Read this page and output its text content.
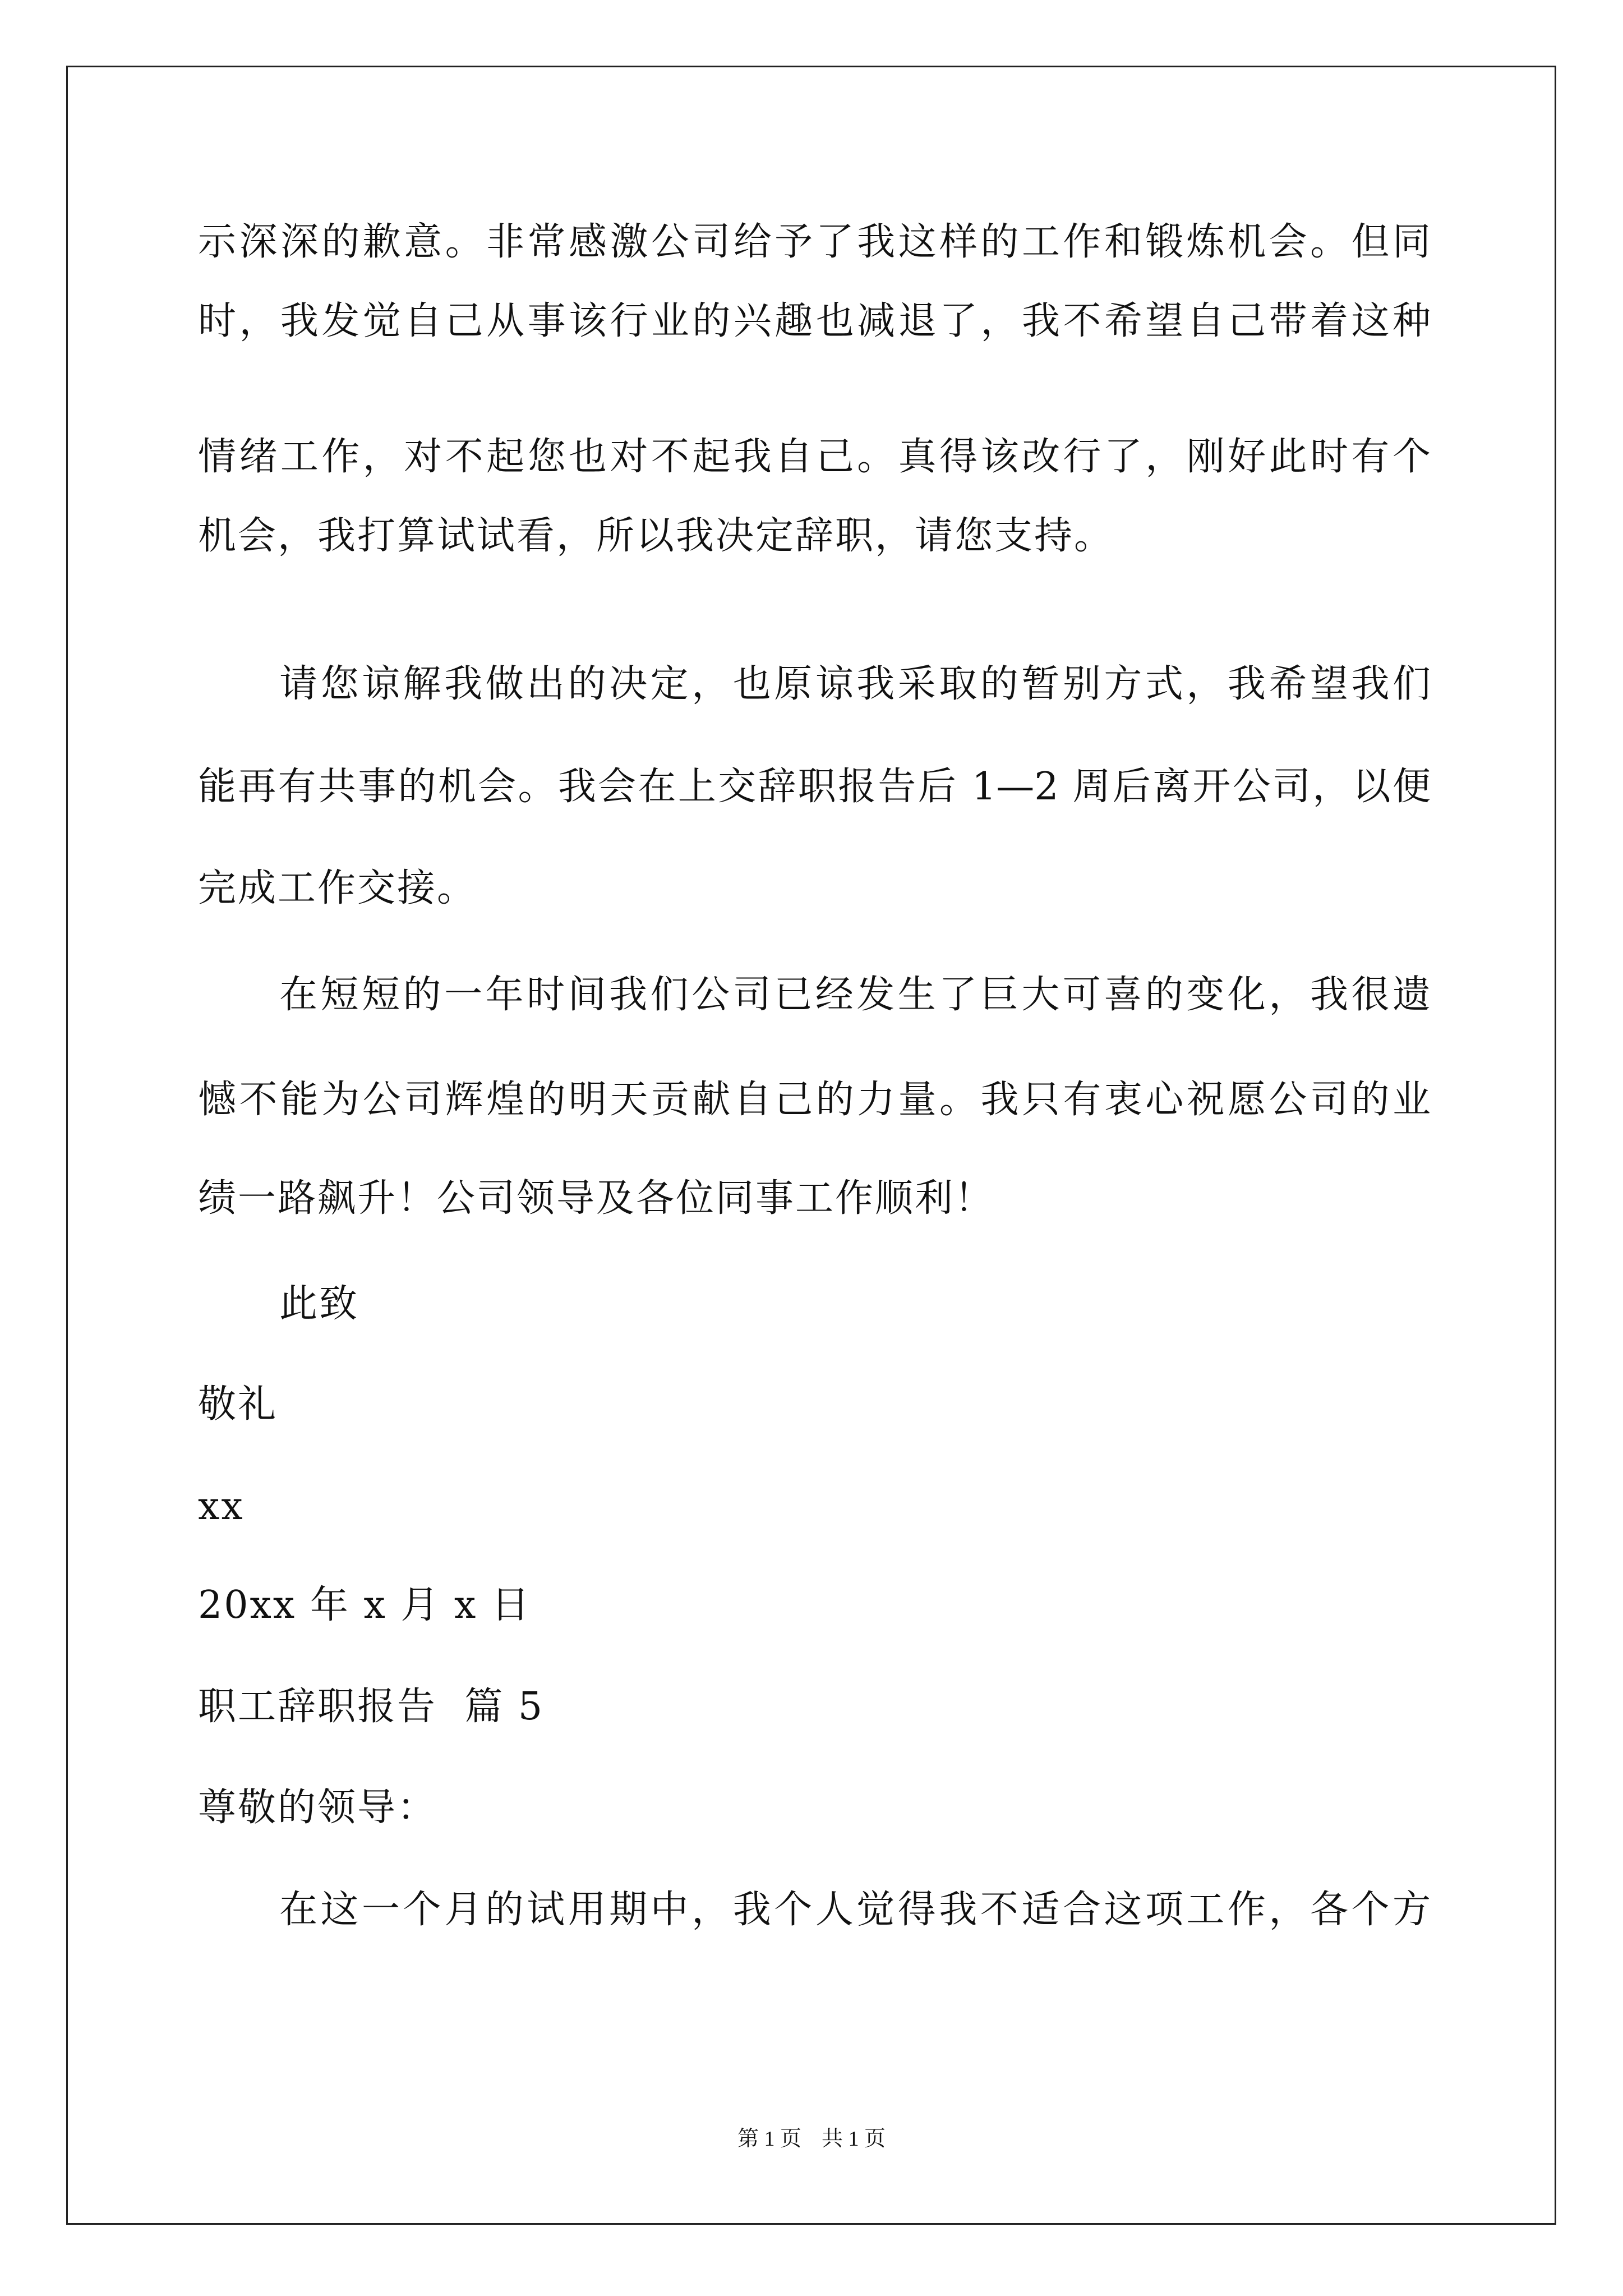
示深深的歉意。非常感激公司给予了我这样的工作和锻炼机会。但同
时，我发觉自己从事该行业的兴趣也减退了，我不希望自己带着这种
情绪工作，对不起您也对不起我自己。真得该改行了，刚好此时有个
机会，我打算试试看，所以我决定辞职，请您支持。
请您谅解我做出的决定，也原谅我采取的暂别方式，我希望我们
能再有共事的机会。我会在上交辞职报告后 1—2 周后离开公司，以便
完成工作交接。
在短短的一年时间我们公司已经发生了巨大可喜的变化，我很遗
憾不能为公司辉煌的明天贡献自己的力量。我只有衷心祝愿公司的业
绩一路飙升！公司领导及各位同事工作顺利！
此致
敬礼
xx
20xx 年 x 月 x 日
职工辞职报告  篇 5
尊敬的领导：
在这一个月的试用期中，我个人觉得我不适合这项工作，各个方
第 1 页 共 1 页
